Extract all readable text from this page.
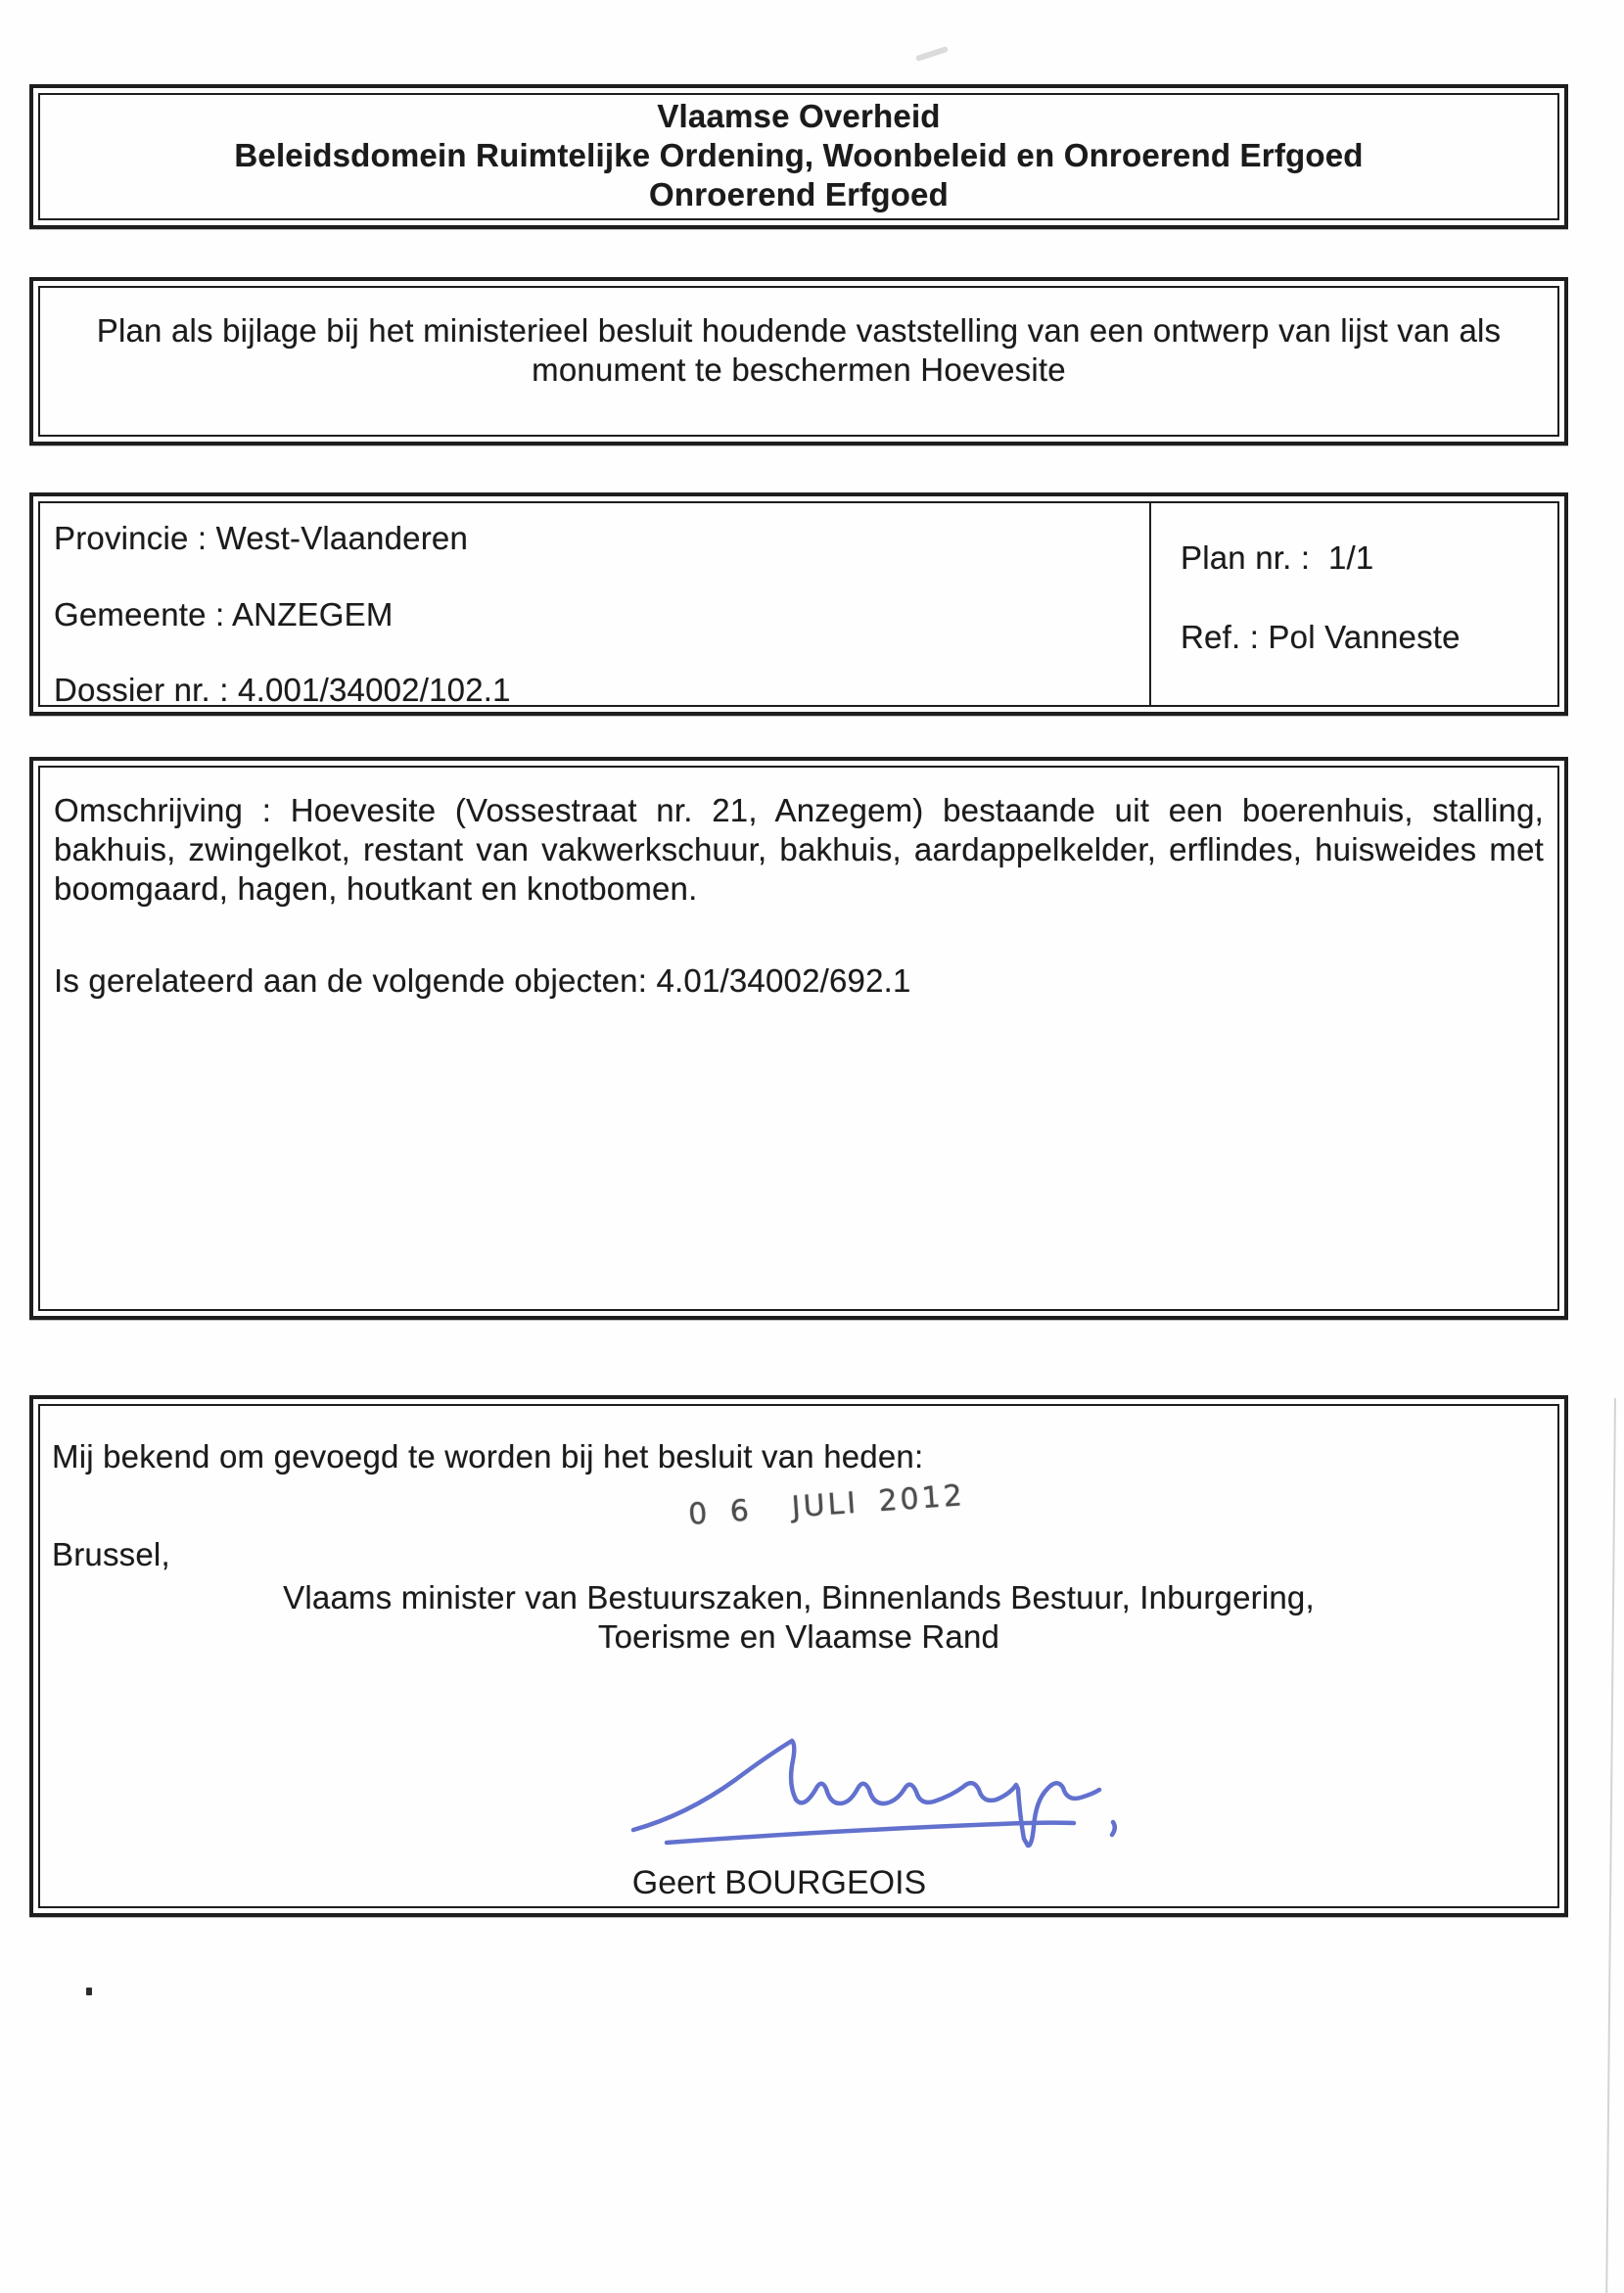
Vlaamse Overheid
Beleidsdomein Ruimtelijke Ordening, Woonbeleid en Onroerend Erfgoed
Onroerend Erfgoed
Plan als bijlage bij het ministerieel besluit houdende vaststelling van een ontwerp van lijst van als
monument te beschermen Hoevesite
Provincie : West-Vlaanderen
Gemeente : ANZEGEM
Dossier nr. : 4.001/34002/102.1
Plan nr. :  1/1
Ref. : Pol Vanneste

Omschrijving : Hoevesite (Vossestraat nr. 21, Anzegem) bestaande uit een boerenhuis, stalling, bakhuis, zwingelkot, restant van vakwerkschuur, bakhuis, aardappelkelder, erflindes, huisweides met boomgaard, hagen, houtkant en knotbomen.

Is gerelateerd aan de volgende objecten: 4.01/34002/692.1
Mij bekend om gevoegd te worden bij het besluit van heden:
0 6  JULI 2012
Brussel,
Vlaams minister van Bestuurszaken, Binnenlands Bestuur, Inburgering,
Toerisme en Vlaamse Rand
Geert BOURGEOIS
